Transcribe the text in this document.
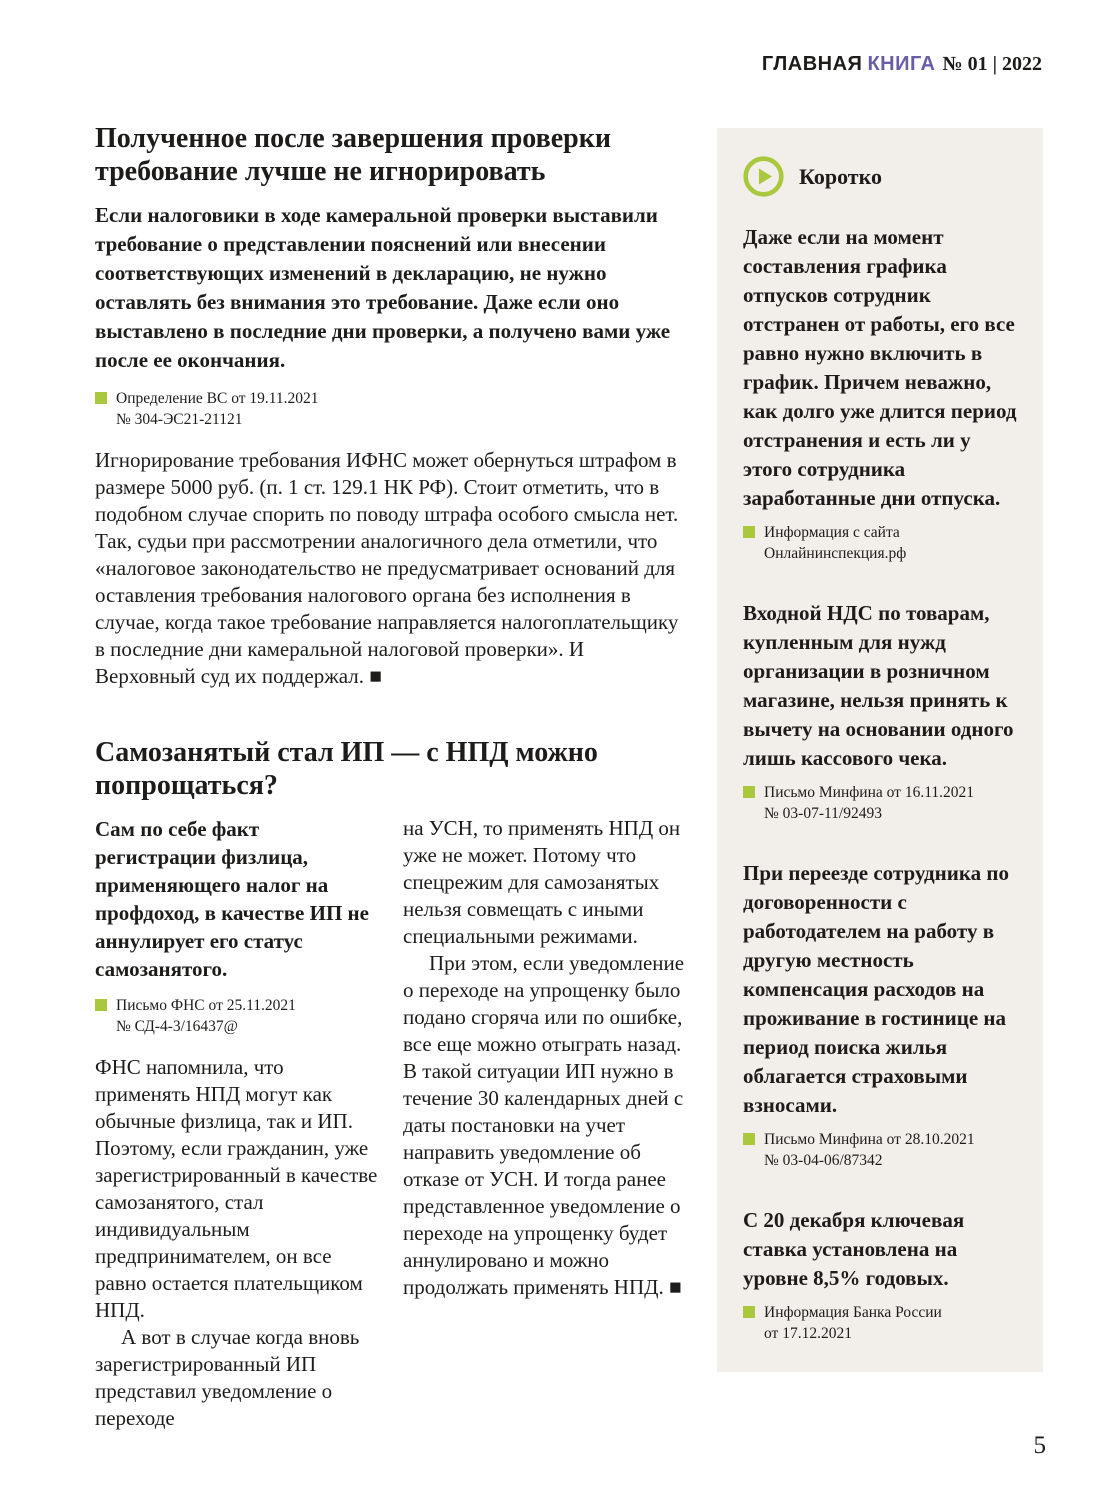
ГЛАВНАЯ КНИГА № 01 | 2022
Полученное после завершения проверки требование лучше не игнорировать

Если налоговики в ходе камеральной проверки выставили требование о представлении пояснений или внесении соответствующих изменений в декларацию, не нужно оставлять без внимания это требование. Даже если оно выставлено в последние дни проверки, а получено вами уже после ее окончания.

Определение ВС от 19.11.2021
№ 304-ЭС21-21121

Игнорирование требования ИФНС может обернуться штрафом в размере 5000 руб. (п. 1 ст. 129.1 НК РФ). Стоит отметить, что в подобном случае спорить по поводу штрафа особого смысла нет. Так, судьи при рассмотрении аналогичного дела отметили, что «налоговое законодательство не предусматривает оснований для оставления требования налогового органа без исполнения в случае, когда такое требование направляется налогоплательщику в последние дни камеральной налоговой проверки». И Верховный суд их поддержал. ■

Самозанятый стал ИП — с НПД можно попрощаться?

Сам по себе факт регистрации физлица, применяющего налог на профдоход, в качестве ИП не аннулирует его статус самозанятого.

Письмо ФНС от 25.11.2021
№ СД-4-3/16437@

ФНС напомнила, что применять НПД могут как обычные физлица, так и ИП. Поэтому, если гражданин, уже зарегистрированный в качестве самозанятого, стал индивидуальным предпринимателем, он все равно остается плательщиком НПД.

А вот в случае когда вновь зарегистрированный ИП представил уведомление о переходе

на УСН, то применять НПД он уже не может. Потому что спецрежим для самозанятых нельзя совмещать с иными специальными режимами.

При этом, если уведомление о переходе на упрощенку было подано сгоряча или по ошибке, все еще можно отыграть назад. В такой ситуации ИП нужно в течение 30 календарных дней с даты постановки на учет направить уведомление об отказе от УСН. И тогда ранее представленное уведомление о переходе на упрощенку будет аннулировано и можно продолжать применять НПД. ■

Коротко

Даже если на момент составления графика отпусков сотрудник отстранен от работы, его все равно нужно включить в график. Причем неважно, как долго уже длится период отстранения и есть ли у этого сотрудника заработанные дни отпуска.

Информация с сайта
Онлайнинспекция.рф

Входной НДС по товарам, купленным для нужд организации в розничном магазине, нельзя принять к вычету на основании одного лишь кассового чека.

Письмо Минфина от 16.11.2021
№ 03-07-11/92493

При переезде сотрудника по договоренности с работодателем на работу в другую местность компенсация расходов на проживание в гостинице на период поиска жилья облагается страховыми взносами.

Письмо Минфина от 28.10.2021
№ 03-04-06/87342

С 20 декабря ключевая ставка установлена на уровне 8,5% годовых.

Информация Банка России
от 17.12.2021
5
